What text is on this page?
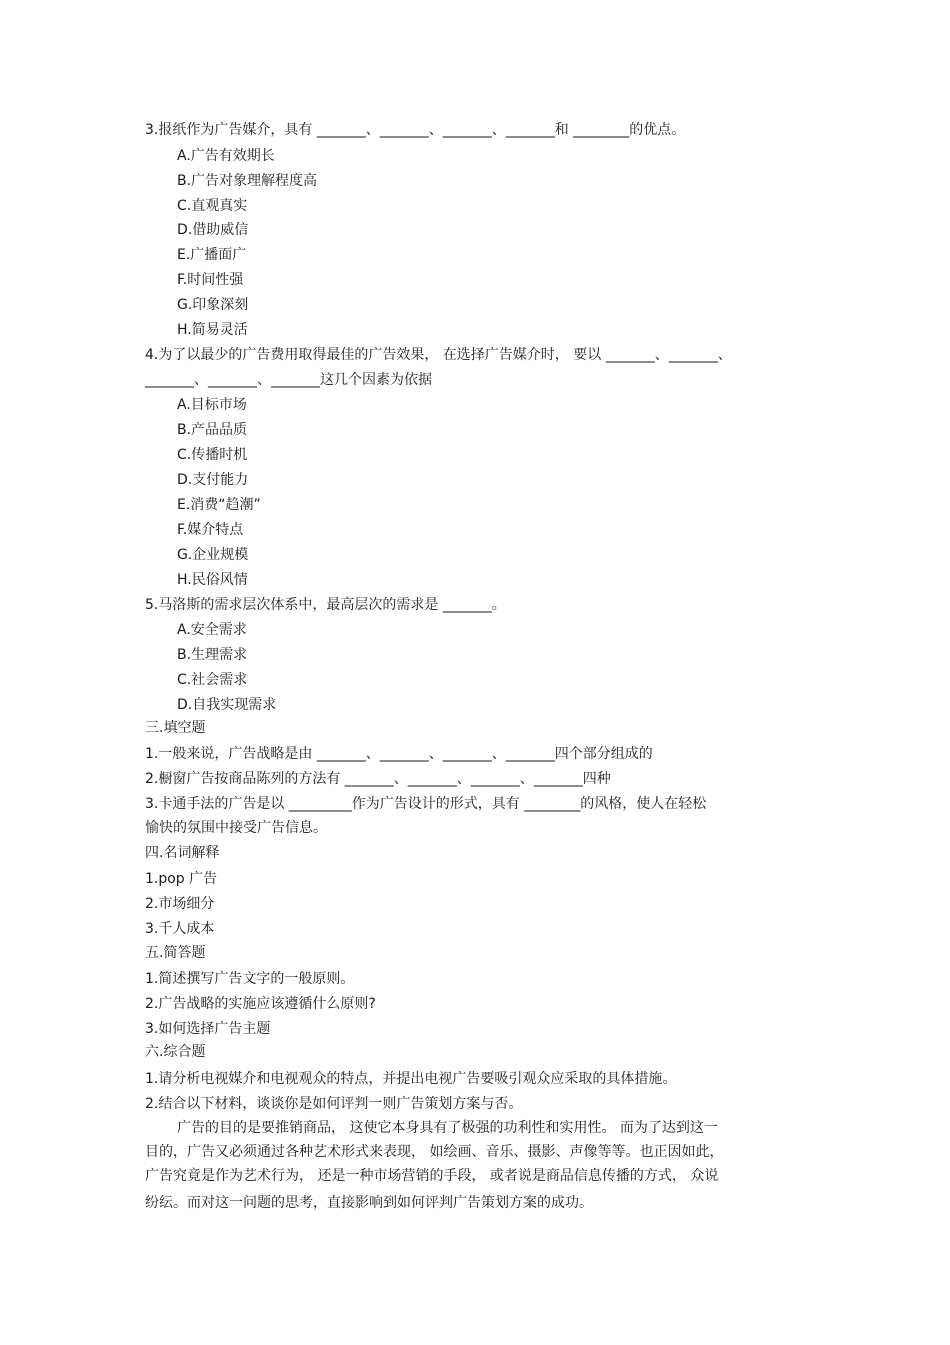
3.报纸作为广告媒介，具有 _______、_______、_______、_______和 ________的优点。
A.广告有效期长
B.广告对象理解程度高
C.直观真实
D.借助威信
E.广播面广
F.时间性强
G.印象深刻
H.简易灵活
4.为了以最少的广告费用取得最佳的广告效果， 在选择广告媒介时， 要以 _______、_______、
_______、_______、_______这几个因素为依据
A.目标市场
B.产品品质
C.传播时机
D.支付能力
E.消费“趋潮”
F.媒介特点
G.企业规模
H.民俗风情
5.马洛斯的需求层次体系中，最高层次的需求是 _______。
A.安全需求
B.生理需求
C.社会需求
D.自我实现需求
三.填空题
1.一般来说，广告战略是由 _______、_______、_______、_______四个部分组成的
2.橱窗广告按商品陈列的方法有 _______、_______、_______、_______四种
3.卡通手法的广告是以 _________作为广告设计的形式，具有 ________的风格，使人在轻松
愉快的氛围中接受广告信息。
四.名词解释
1.pop 广告
2.市场细分
3.千人成本
五.简答题
1.简述撰写广告文字的一般原则。
2.广告战略的实施应该遵循什么原则?
3.如何选择广告主题
六.综合题
1.请分析电视媒介和电视观众的特点，并提出电视广告要吸引观众应采取的具体措施。
2.结合以下材料，谈谈你是如何评判一则广告策划方案与否。
广告的目的是要推销商品， 这使它本身具有了极强的功利性和实用性。 而为了达到这一
目的，广告又必须通过各种艺术形式来表现， 如绘画、音乐、摄影、声像等等。也正因如此，
广告究竟是作为艺术行为， 还是一种市场营销的手段， 或者说是商品信息传播的方式， 众说
纷纭。而对这一问题的思考，直接影响到如何评判广告策划方案的成功。
